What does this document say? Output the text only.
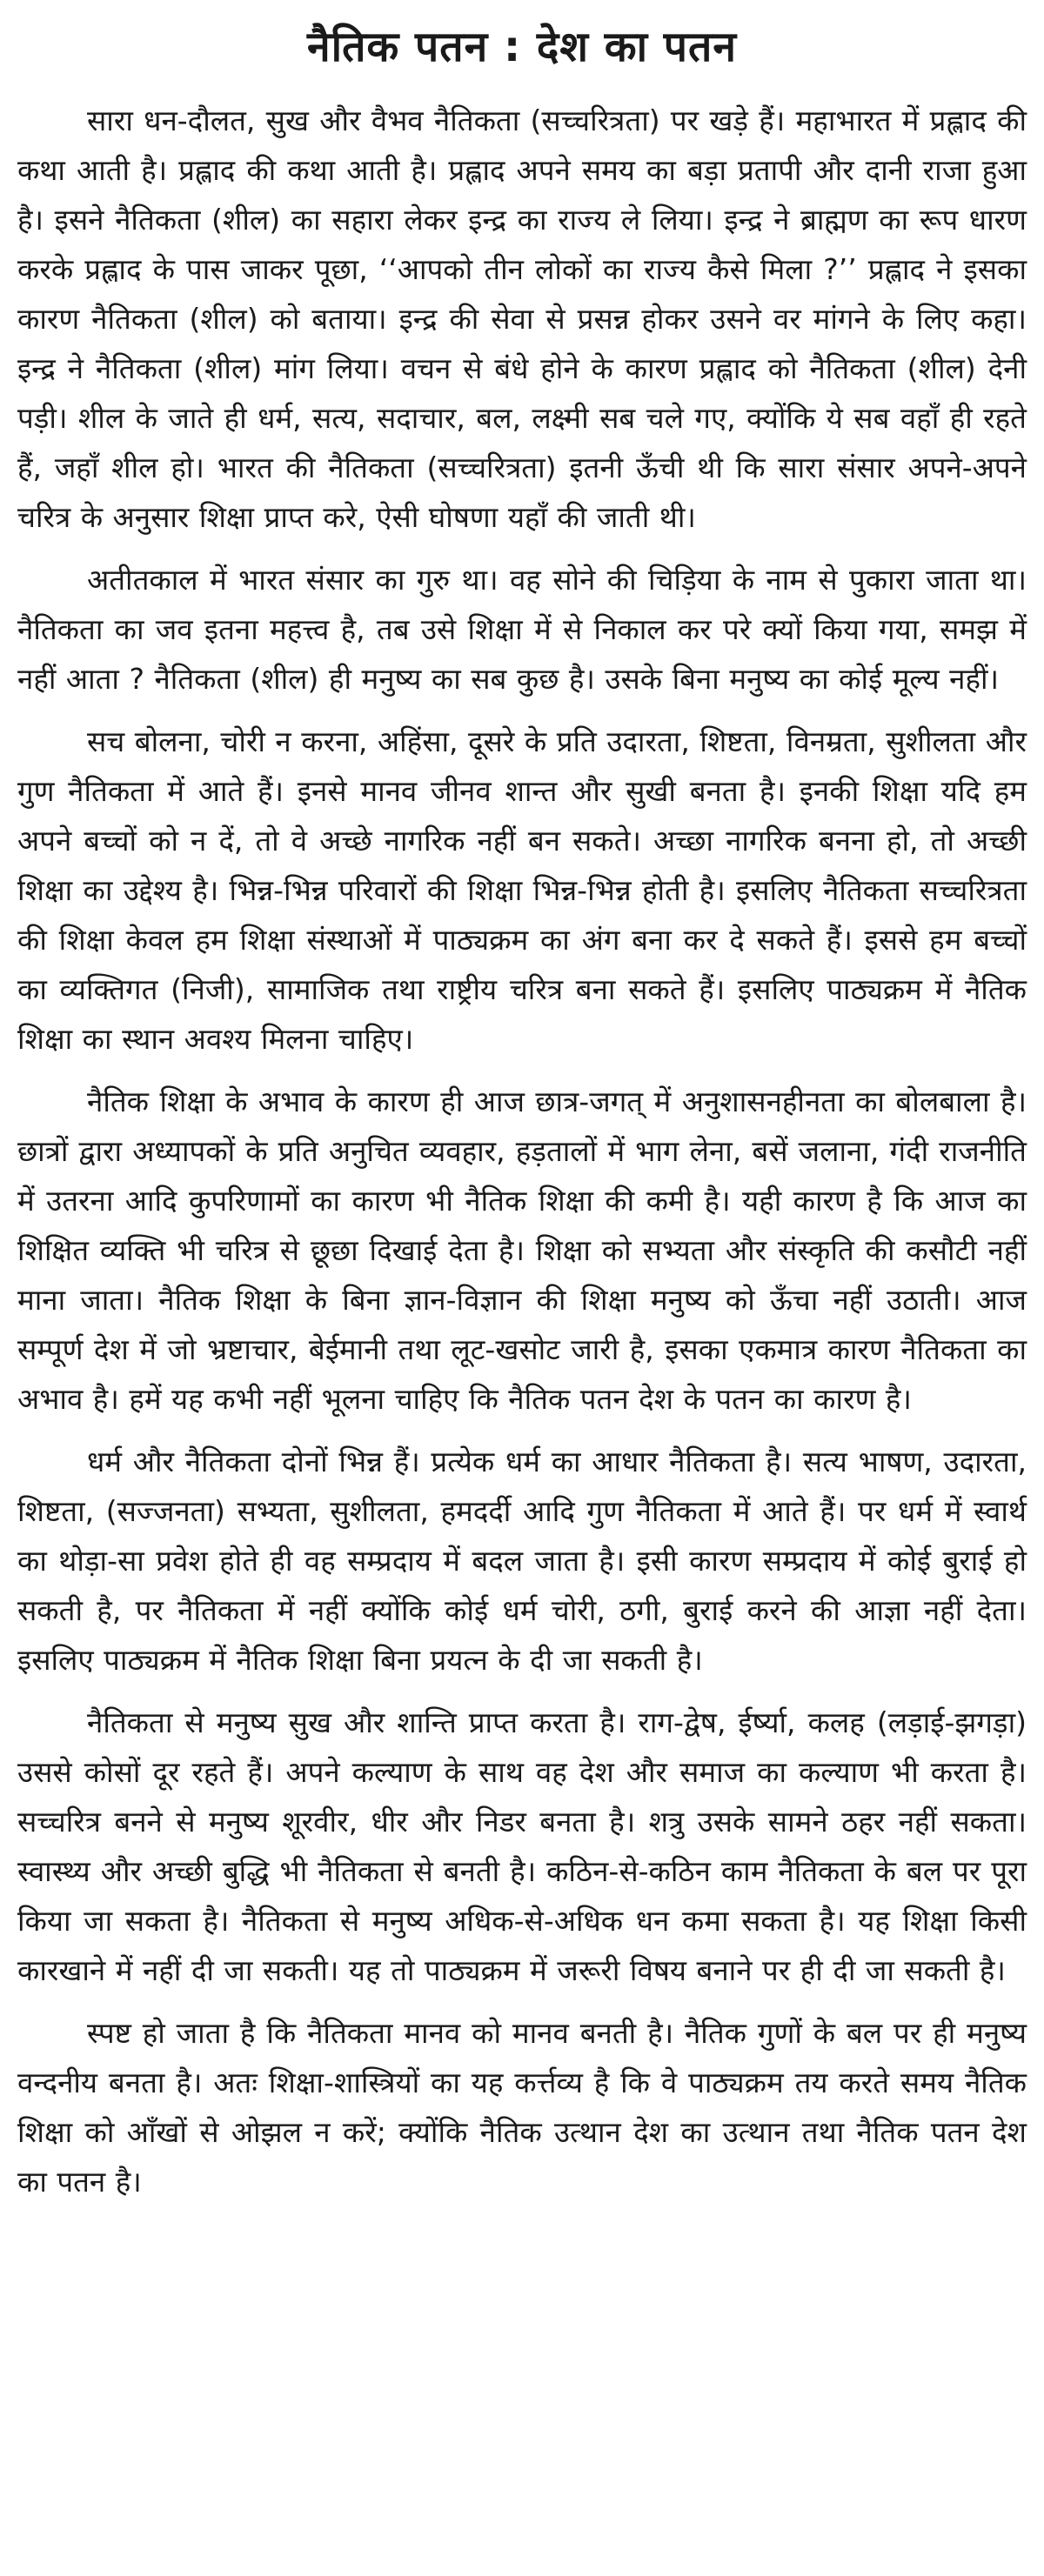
नैतिक पतन : देश का पतन

सारा धन-दौलत, सुख और वैभव नैतिकता (सच्चरित्रता) पर खड़े हैं। महाभारत में प्रह्लाद की कथा आती है। प्रह्लाद की कथा आती है। प्रह्लाद अपने समय का बड़ा प्रतापी और दानी राजा हुआ है। इसने नैतिकता (शील) का सहारा लेकर इन्द्र का राज्य ले लिया। इन्द्र ने ब्राह्मण का रूप धारण करके प्रह्लाद के पास जाकर पूछा, ‘‘आपको तीन लोकों का राज्य कैसे मिला ?’’ प्रह्लाद ने इसका कारण नैतिकता (शील) को बताया। इन्द्र की सेवा से प्रसन्न होकर उसने वर मांगने के लिए कहा। इन्द्र ने नैतिकता (शील) मांग लिया। वचन से बंधे होने के कारण प्रह्लाद को नैतिकता (शील) देनी पड़ी। शील के जाते ही धर्म, सत्य, सदाचार, बल, लक्ष्मी सब चले गए, क्योंकि ये सब वहाँ ही रहते हैं, जहाँ शील हो। भारत की नैतिकता (सच्चरित्रता) इतनी ऊँची थी कि सारा संसार अपने-अपने चरित्र के अनुसार शिक्षा प्राप्त करे, ऐसी घोषणा यहाँ की जाती थी।

अतीतकाल में भारत संसार का गुरु था। वह सोने की चिड़िया के नाम से पुकारा जाता था। नैतिकता का जव इतना महत्त्व है, तब उसे शिक्षा में से निकाल कर परे क्यों किया गया, समझ में नहीं आता ? नैतिकता (शील) ही मनुष्य का सब कुछ है। उसके बिना मनुष्य का कोई मूल्य नहीं।

सच बोलना, चोरी न करना, अहिंसा, दूसरे के प्रति उदारता, शिष्टता, विनम्रता, सुशीलता और गुण नैतिकता में आते हैं। इनसे मानव जीनव शान्त और सुखी बनता है। इनकी शिक्षा यदि हम अपने बच्चों को न दें, तो वे अच्छे नागरिक नहीं बन सकते। अच्छा नागरिक बनना हो, तो अच्छी शिक्षा का उद्देश्य है। भिन्न-भिन्न परिवारों की शिक्षा भिन्न-भिन्न होती है। इसलिए नैतिकता सच्चरित्रता की शिक्षा केवल हम शिक्षा संस्थाओं में पाठ्यक्रम का अंग बना कर दे सकते हैं। इससे हम बच्चों का व्यक्तिगत (निजी), सामाजिक तथा राष्ट्रीय चरित्र बना सकते हैं। इसलिए पाठ्यक्रम में नैतिक शिक्षा का स्थान अवश्य मिलना चाहिए।

नैतिक शिक्षा के अभाव के कारण ही आज छात्र-जगत् में अनुशासनहीनता का बोलबाला है। छात्रों द्वारा अध्यापकों के प्रति अनुचित व्यवहार, हड़तालों में भाग लेना, बसें जलाना, गंदी राजनीति में उतरना आदि कुपरिणामों का कारण भी नैतिक शिक्षा की कमी है। यही कारण है कि आज का शिक्षित व्यक्ति भी चरित्र से छूछा दिखाई देता है। शिक्षा को सभ्यता और संस्कृति की कसौटी नहीं माना जाता। नैतिक शिक्षा के बिना ज्ञान-विज्ञान की शिक्षा मनुष्य को ऊँचा नहीं उठाती। आज सम्पूर्ण देश में जो भ्रष्टाचार, बेईमानी तथा लूट-खसोट जारी है, इसका एकमात्र कारण नैतिकता का अभाव है। हमें यह कभी नहीं भूलना चाहिए कि नैतिक पतन देश के पतन का कारण है।

धर्म और नैतिकता दोनों भिन्न हैं। प्रत्येक धर्म का आधार नैतिकता है। सत्य भाषण, उदारता, शिष्टता, (सज्जनता) सभ्यता, सुशीलता, हमदर्दी आदि गुण नैतिकता में आते हैं। पर धर्म में स्वार्थ का थोड़ा-सा प्रवेश होते ही वह सम्प्रदाय में बदल जाता है। इसी कारण सम्प्रदाय में कोई बुराई हो सकती है, पर नैतिकता में नहीं क्योंकि कोई धर्म चोरी, ठगी, बुराई करने की आज्ञा नहीं देता। इसलिए पाठ्यक्रम में नैतिक शिक्षा बिना प्रयत्न के दी जा सकती है।

नैतिकता से मनुष्य सुख और शान्ति प्राप्त करता है। राग-द्वेष, ईर्ष्या, कलह (लड़ाई-झगड़ा) उससे कोसों दूर रहते हैं। अपने कल्याण के साथ वह देश और समाज का कल्याण भी करता है। सच्चरित्र बनने से मनुष्य शूरवीर, धीर और निडर बनता है। शत्रु उसके सामने ठहर नहीं सकता। स्वास्थ्य और अच्छी बुद्धि भी नैतिकता से बनती है। कठिन-से-कठिन काम नैतिकता के बल पर पूरा किया जा सकता है। नैतिकता से मनुष्य अधिक-से-अधिक धन कमा सकता है। यह शिक्षा किसी कारखाने में नहीं दी जा सकती। यह तो पाठ्यक्रम में जरूरी विषय बनाने पर ही दी जा सकती है।

स्पष्ट हो जाता है कि नैतिकता मानव को मानव बनती है। नैतिक गुणों के बल पर ही मनुष्य वन्दनीय बनता है। अतः शिक्षा-शास्त्रियों का यह कर्त्तव्य है कि वे पाठ्यक्रम तय करते समय नैतिक शिक्षा को आँखों से ओझल न करें; क्योंकि नैतिक उत्थान देश का उत्थान तथा नैतिक पतन देश का पतन है।
